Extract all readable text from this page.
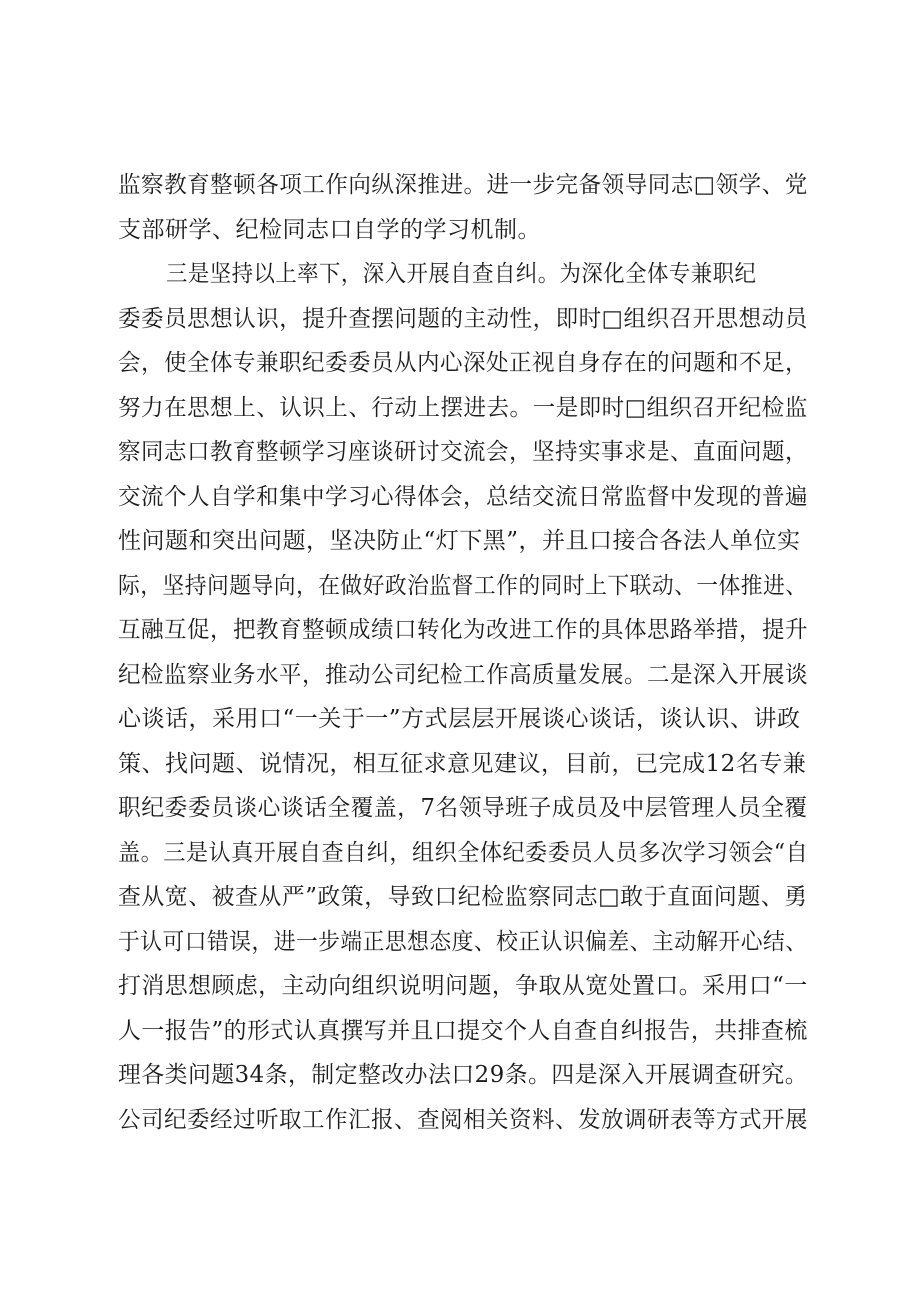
监察教育整顿各项工作向纵深推进。进一步完备领导同志□领学、党
支部研学、纪检同志口自学的学习机制。
三是坚持以上率下，深入开展自查自纠。为深化全体专兼职纪
委委员思想认识，提升查摆问题的主动性，即时□组织召开思想动员
会，使全体专兼职纪委委员从内心深处正视自身存在的问题和不足，
努力在思想上、认识上、行动上摆进去。一是即时□组织召开纪检监
察同志口教育整顿学习座谈研讨交流会，坚持实事求是、直面问题，
交流个人自学和集中学习心得体会，总结交流日常监督中发现的普遍
性问题和突出问题，坚决防止“灯下黑”，并且口接合各法人单位实
际，坚持问题导向，在做好政治监督工作的同时上下联动、一体推进、
互融互促，把教育整顿成绩口转化为改进工作的具体思路举措，提升
纪检监察业务水平，推动公司纪检工作高质量发展。二是深入开展谈
心谈话，采用口“一关于一”方式层层开展谈心谈话，谈认识、讲政
策、找问题、说情况，相互征求意见建议，目前，已完成12名专兼
职纪委委员谈心谈话全覆盖，7名领导班子成员及中层管理人员全覆
盖。三是认真开展自查自纠，组织全体纪委委员人员多次学习领会“自
查从宽、被查从严”政策，导致口纪检监察同志□敢于直面问题、勇
于认可口错误，进一步端正思想态度、校正认识偏差、主动解开心结、
打消思想顾虑，主动向组织说明问题，争取从宽处置口。采用口“一
人一报告”的形式认真撰写并且口提交个人自查自纠报告，共排查梳
理各类问题34条，制定整改办法口29条。四是深入开展调查研究。
公司纪委经过听取工作汇报、查阅相关资料、发放调研表等方式开展
